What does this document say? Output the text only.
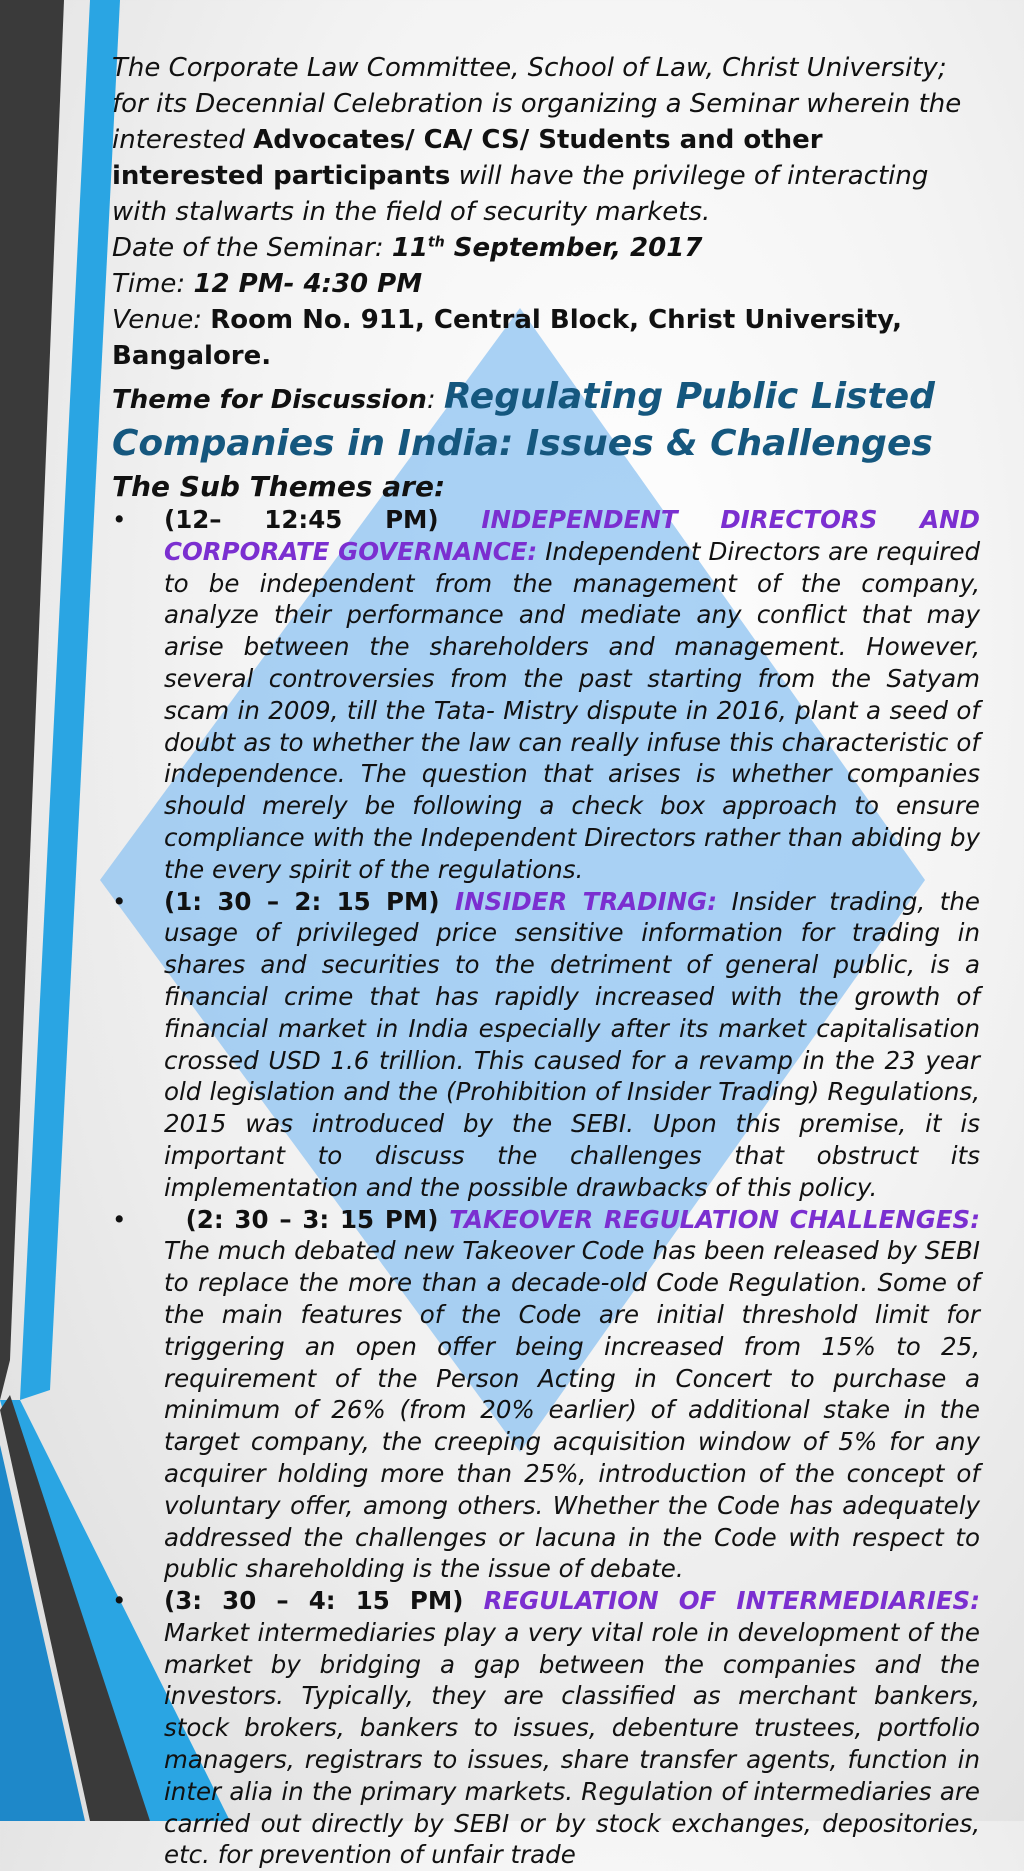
The Corporate Law Committee, School of Law, Christ University; for its Decennial Celebration is organizing a Seminar wherein the interested Advocates/ CA/ CS/ Students and other interested participants will have the privilege of interacting with stalwarts in the field of security markets.

Date of the Seminar: 11th September, 2017

Time: 12 PM- 4:30 PM

Venue: Room No. 911, Central Block, Christ University, Bangalore.

Theme for Discussion: Regulating Public Listed Companies in India: Issues & Challenges

The Sub Themes are:

• (12– 12:45 PM) INDEPENDENT DIRECTORS AND CORPORATE GOVERNANCE: Independent Directors are required to be independent from the management of the company, analyze their performance and mediate any conflict that may arise between the shareholders and management. However, several controversies from the past starting from the Satyam scam in 2009, till the Tata- Mistry dispute in 2016, plant a seed of doubt as to whether the law can really infuse this characteristic of independence. The question that arises is whether companies should merely be following a check box approach to ensure compliance with the Independent Directors rather than abiding by the every spirit of the regulations.
• (1: 30 – 2: 15 PM) INSIDER TRADING: Insider trading, the usage of privileged price sensitive information for trading in shares and securities to the detriment of general public, is a financial crime that has rapidly increased with the growth of financial market in India especially after its market capitalisation crossed USD 1.6 trillion. This caused for a revamp in the 23 year old legislation and the (Prohibition of Insider Trading) Regulations, 2015 was introduced by the SEBI. Upon this premise, it is important to discuss the challenges that obstruct its implementation and the possible drawbacks of this policy.
• (2: 30 – 3: 15 PM) TAKEOVER REGULATION CHALLENGES: The much debated new Takeover Code has been released by SEBI to replace the more than a decade-old Code Regulation. Some of the main features of the Code are initial threshold limit for triggering an open offer being increased from 15% to 25, requirement of the Person Acting in Concert to purchase a minimum of 26% (from 20% earlier) of additional stake in the target company, the creeping acquisition window of 5% for any acquirer holding more than 25%, introduction of the concept of voluntary offer, among others. Whether the Code has adequately addressed the challenges or lacuna in the Code with respect to public shareholding is the issue of debate.
• (3: 30 – 4: 15 PM) REGULATION OF INTERMEDIARIES: Market intermediaries play a very vital role in development of the market by bridging a gap between the companies and the investors. Typically, they are classified as merchant bankers, stock brokers, bankers to issues, debenture trustees, portfolio managers, registrars to issues, share transfer agents, function in inter alia in the primary markets. Regulation of intermediaries are carried out directly by SEBI or by stock exchanges, depositories, etc. for prevention of unfair trade
